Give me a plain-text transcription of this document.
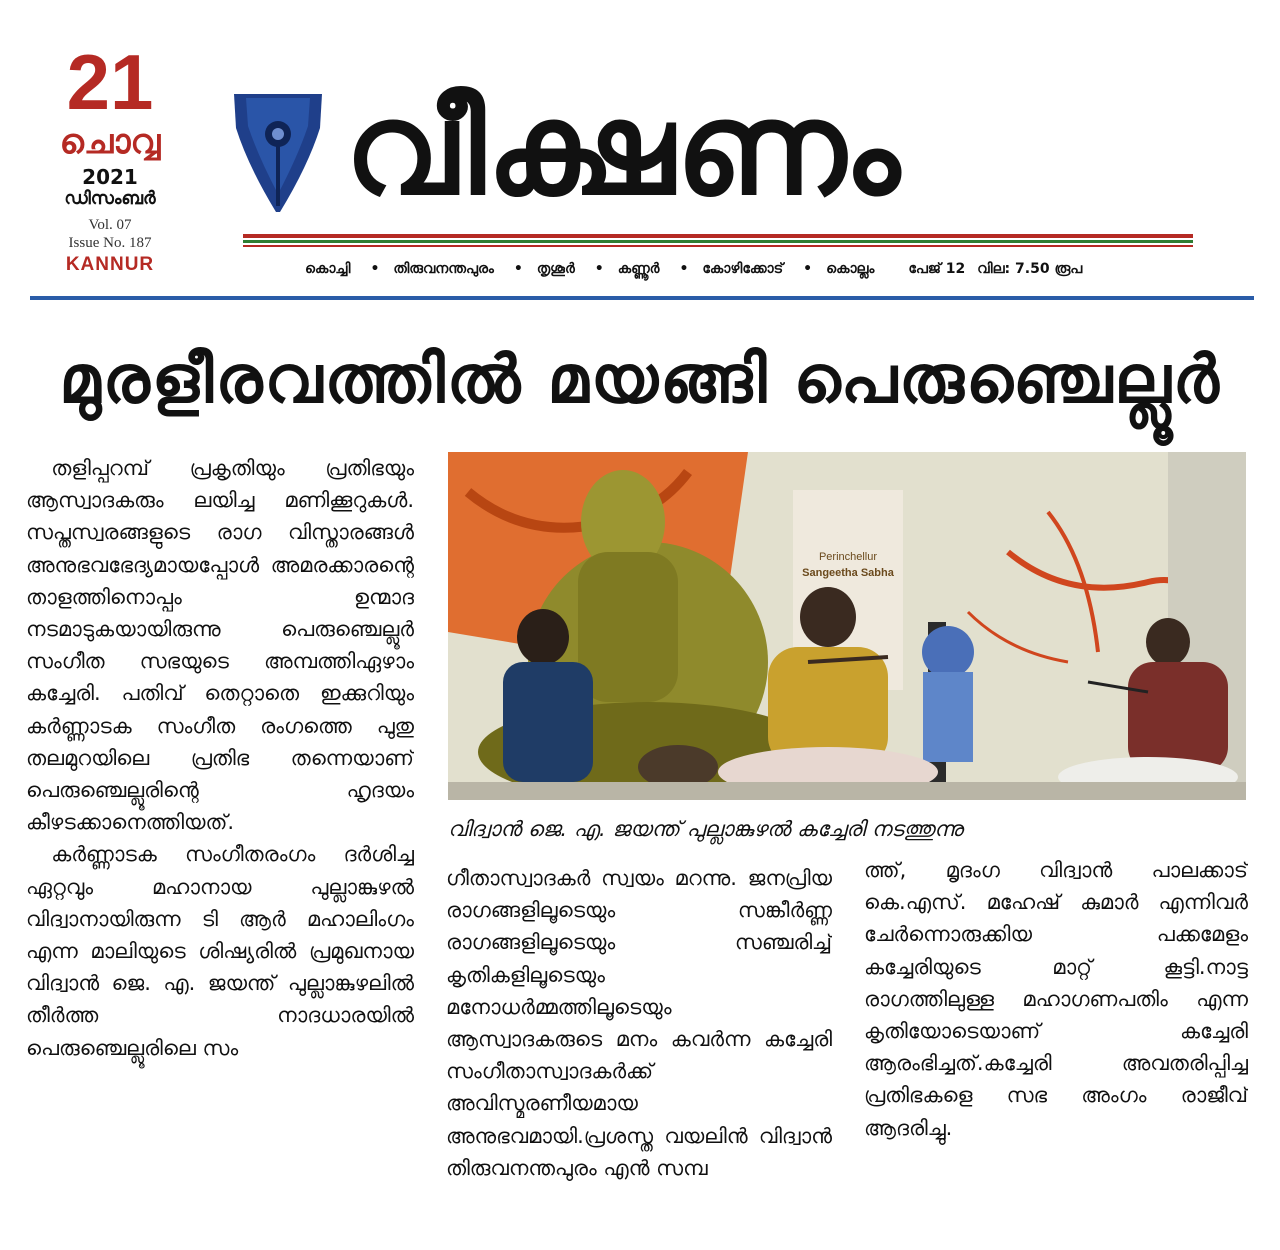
21
ചൊവ്വ
2021
ഡിസംബർ
Vol. 07
Issue No. 187
KANNUR
വീക്ഷണം
കൊച്ചി • തിരുവനന്തപുരം • തൃശൂർ • കണ്ണൂർ • കോഴിക്കോട് • കൊല്ലം പേജ് 12 വില: 7.50 രൂപ
മുരളീരവത്തിൽ മയങ്ങി പെരുഞ്ചെല്ലൂർ

തളിപ്പറമ്പ് പ്രകൃതിയും പ്രതിഭയും ആസ്വാദകരും ലയിച്ച മണിക്കൂറുകൾ. സപ്തസ്വരങ്ങളുടെ രാഗ വിസ്താരങ്ങൾ അനുഭവഭേദ്യമായപ്പോൾ അമരക്കാരന്റെ താളത്തിനൊപ്പം ഉന്മാദ നടമാടുകയായിരുന്നു പെരുഞ്ചെല്ലൂർ സംഗീത സഭയുടെ അമ്പത്തിഏഴാം കച്ചേരി. പതിവ് തെറ്റാതെ ഇക്കുറിയും കർണ്ണാടക സംഗീത രംഗത്തെ പുതു തലമുറയിലെ പ്രതിഭ തന്നെയാണ് പെരുഞ്ചെല്ലൂരിന്റെ ഹൃദയം കീഴടക്കാനെത്തിയത്.

കർണ്ണാടക സംഗീതരംഗം ദർശിച്ച ഏറ്റവും മഹാനായ പുല്ലാങ്കുഴൽ വിദ്വാനായിരുന്ന ടി ആർ മഹാലിംഗം എന്ന മാലിയുടെ ശിഷ്യരിൽ പ്രമുഖനായ വിദ്വാൻ ജെ. എ. ജയന്ത് പുല്ലാങ്കുഴലിൽ തീർത്ത നാദധാരയിൽ പെരുഞ്ചെല്ലൂരിലെ സം

Perinchellur
Sangeetha Sabha
വിദ്വാൻ ജെ. എ. ജയന്ത് പുല്ലാങ്കുഴൽ കച്ചേരി നടത്തുന്നു
ഗീതാസ്വാദകർ സ്വയം മറന്നു. ജനപ്രിയ രാഗങ്ങളിലൂടെയും സങ്കീർണ്ണ രാഗങ്ങളിലൂടെയും സഞ്ചരിച്ച് കൃതികളിലൂടെയും മനോധർമ്മത്തിലൂടെയും ആസ്വാദകരുടെ മനം കവർന്ന കച്ചേരി സംഗീതാസ്വാദകർക്ക് അവിസ്മരണീയമായ അനുഭവമായി.പ്രശസ്ത വയലിൻ വിദ്വാൻ തിരുവനന്തപുരം എൻ സമ്പ
ത്ത്, മൃദംഗ വിദ്വാൻ പാലക്കാട് കെ.എസ്. മഹേഷ് കുമാർ എന്നിവർ ചേർന്നൊരുക്കിയ പക്കമേളം കച്ചേരിയുടെ മാറ്റ് കൂട്ടി.നാട്ട രാഗത്തിലുള്ള മഹാഗണപതിം എന്ന കൃതിയോടെയാണ് കച്ചേരി ആരംഭിച്ചത്.കച്ചേരി അവതരിപ്പിച്ച പ്രതിഭകളെ സഭ അംഗം രാജീവ് ആദരിച്ചു.
